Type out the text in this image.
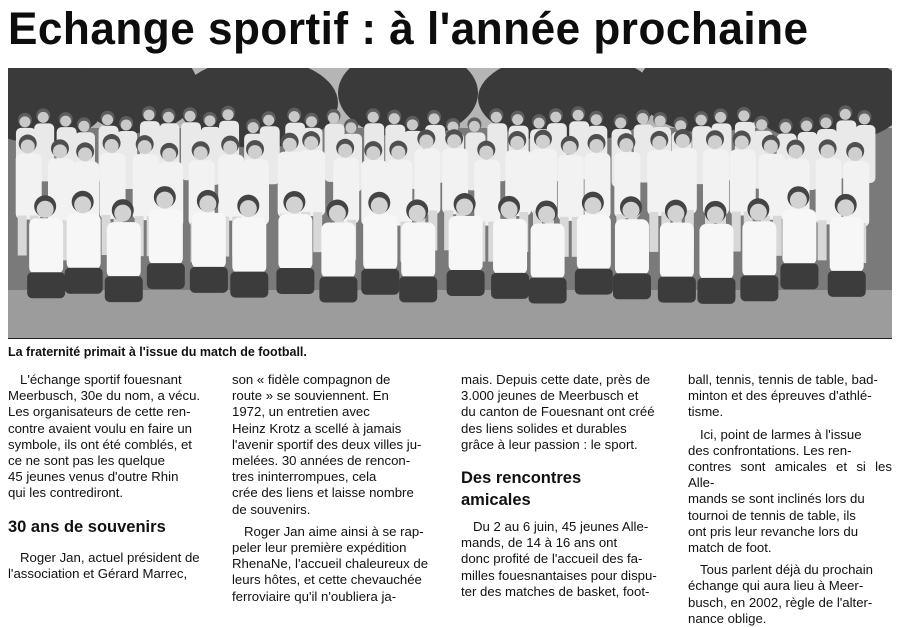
Echange sportif : à l'année prochaine

La fraternité primait à l'issue du match de football.

L'échange sportif fouesnant
Meerbusch, 30e du nom, a vécu.
Les organisateurs de cette ren-
contre avaient voulu en faire un
symbole, ils ont été comblés, et
ce ne sont pas les quelque
45 jeunes venus d'outre Rhin
qui les contrediront.

30 ans de souvenirs

Roger Jan, actuel président de
l'association et Gérard Marrec,

son « fidèle compagnon de
route » se souviennent. En
1972, un entretien avec
Heinz Krotz a scellé à jamais
l'avenir sportif des deux villes ju-
melées. 30 années de rencon-
tres ininterrompues, cela
crée des liens et laisse nombre
de souvenirs.

Roger Jan aime ainsi à se rap-
peler leur première expédition
RhenaNe, l'accueil chaleureux de
leurs hôtes, et cette chevauchée
ferroviaire qu'il n'oubliera ja-

mais. Depuis cette date, près de
3.000 jeunes de Meerbusch et
du canton de Fouesnant ont créé
des liens solides et durables
grâce à leur passion : le sport.

Des rencontres
amicales

Du 2 au 6 juin, 45 jeunes Alle-
mands, de 14 à 16 ans ont
donc profité de l'accueil des fa-
milles fouesnantaises pour dispu-
ter des matches de basket, foot-

ball, tennis, tennis de table, bad-
minton et des épreuves d'athlé-
tisme.

Ici, point de larmes à l'issue
des confrontations. Les ren-
contres sont amicales et si les Alle-
mands se sont inclinés lors du
tournoi de tennis de table, ils
ont pris leur revanche lors du
match de foot.

Tous parlent déjà du prochain
échange qui aura lieu à Meer-
busch, en 2002, règle de l'alter-
nance oblige.
